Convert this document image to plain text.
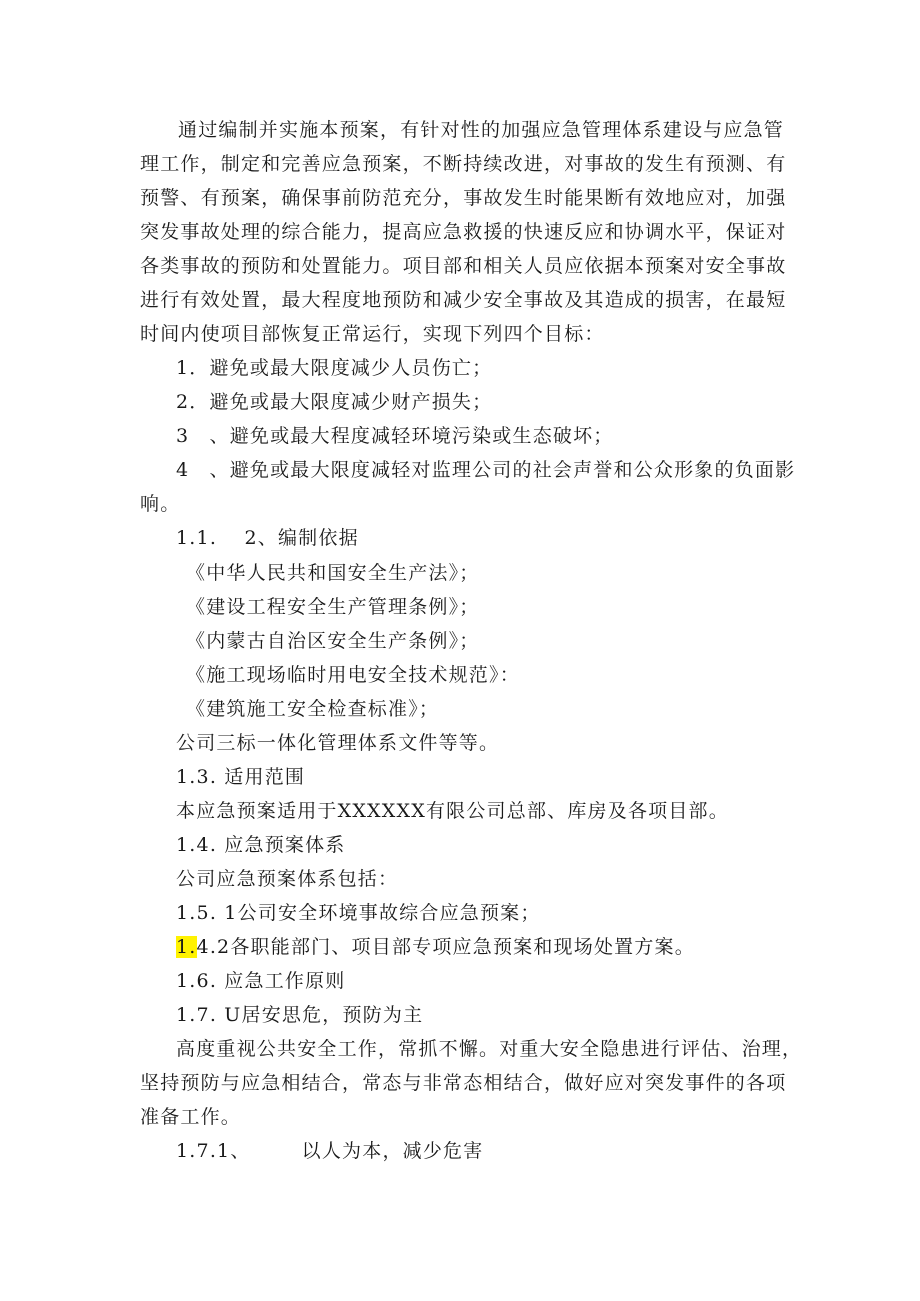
通过编制并实施本预案，有针对性的加强应急管理体系建设与应急管
理工作，制定和完善应急预案，不断持续改进，对事故的发生有预测、有
预警、有预案，确保事前防范充分，事故发生时能果断有效地应对，加强
突发事故处理的综合能力，提高应急救援的快速反应和协调水平，保证对
各类事故的预防和处置能力。项目部和相关人员应依据本预案对安全事故
进行有效处置，最大程度地预防和减少安全事故及其造成的损害，在最短
时间内使项目部恢复正常运行，实现下列四个目标：
1．避免或最大限度减少人员伤亡；
2．避免或最大限度减少财产损失；
3　、避免或最大程度减轻环境污染或生态破坏；
4　、避免或最大限度减轻对监理公司的社会声誉和公众形象的负面影
响。
1.1.　 2、编制依据
《中华人民共和国安全生产法》；
《建设工程安全生产管理条例》；
《内蒙古自治区安全生产条例》；
《施工现场临时用电安全技术规范》：
《建筑施工安全检查标准》；
公司三标一体化管理体系文件等等。
1.3. 适用范围
本应急预案适用于XXXXXX有限公司总部、库房及各项目部。
1.4. 应急预案体系
公司应急预案体系包括：
1.5. 1公司安全环境事故综合应急预案；
1.4.2各职能部门、项目部专项应急预案和现场处置方案。
1.6. 应急工作原则
1.7. U居安思危，预防为主
高度重视公共安全工作，常抓不懈。对重大安全隐患进行评估、治理，
坚持预防与应急相结合，常态与非常态相结合，做好应对突发事件的各项
准备工作。
1.7.1、　　　以人为本，减少危害
